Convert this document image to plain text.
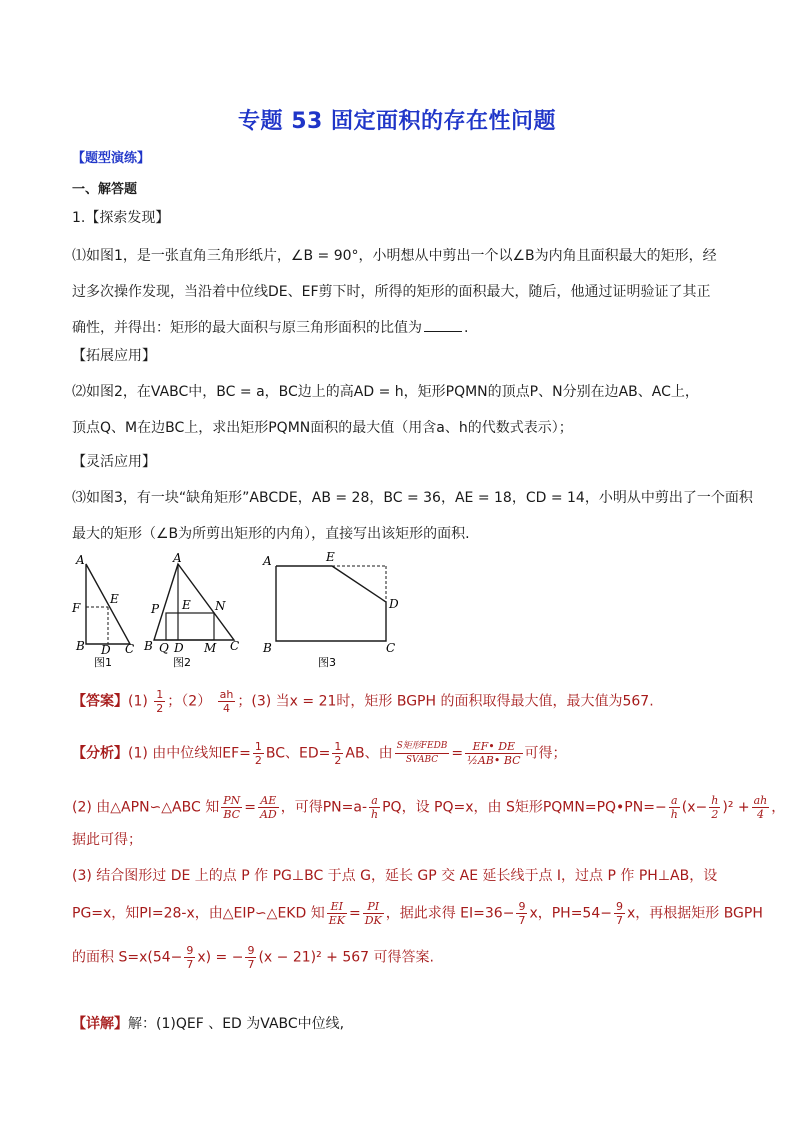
专题 53 固定面积的存在性问题
【题型演练】
一、解答题
1.【探索发现】
⑴如图1，是一张直角三角形纸片，∠B = 90°，小明想从中剪出一个以∠B为内角且面积最大的矩形，经
过多次操作发现，当沿着中位线DE、EF剪下时，所得的矩形的面积最大，随后，他通过证明验证了其正
确性，并得出：矩形的最大面积与原三角形面积的比值为	.
【拓展应用】
⑵如图2，在VABC中，BC = a，BC边上的高AD = h，矩形PQMN的顶点P、N分别在边AB、AC上，
顶点Q、M在边BC上，求出矩形PQMN面积的最大值（用含a、h的代数式表示）；
【灵活应用】
⑶如图3，有一块“缺角矩形”ABCDE，AB = 28，BC = 36，AE = 18，CD = 14，小明从中剪出了一个面积
最大的矩形（∠B为所剪出矩形的内角），直接写出该矩形的面积.
A
E
F
B D C
图1
A
P E N
B Q D M C
图2
A	E
D
B	C
图3
【答案】$(1) \frac{1}{2}$ ；$(2) \frac{ah}{4}$ ；(3) 当x = 21时，矩形 BGPH 的面积取得最大值，最大值为567.
【分析】(1) 由中位线知$EF= \frac{1}{2}$ BC、$ED= \frac{1}{2}$ AB、由 $\frac{\text{S矩形FEDB}}{\text{SVABC}} = \frac{EF• DE}{\text{½AB• BC}}$ 可得；
(2) 由△APN∽△ABC 知 $\frac{PN}{BC} = \frac{AE}{AD}$ ，可得$PN=a- \frac{a}{h}$ PQ，设 PQ=x，由 S矩形PQMN=PQ•PN=− $\frac{a}{h} (x- \frac{h}{2} )^2 + \frac{ah}{4}$ ，
据此可得；
(3) 结合图形过 DE 上的点 P 作 PG⊥BC 于点 G，延长 GP 交 AE 延长线于点 I，过点 P 作 PH⊥AB，设
PG=x，知PI=28-x，由△EIP∽△EKD 知 $\frac{EI}{EK} = \frac{PI}{DK}$ ，据此求得 $EI=36- \frac{9}{7}$ x，$PH=54- \frac{9}{7}$ x，再根据矩形 BGPH
的面积 $S=x(54- \frac{9}{7} x)$ = − $\frac{9}{7} (x - 21)^2 + 567$ 可得答案.
【详解】解：(1)QEF 、ED 为VABC中位线,
